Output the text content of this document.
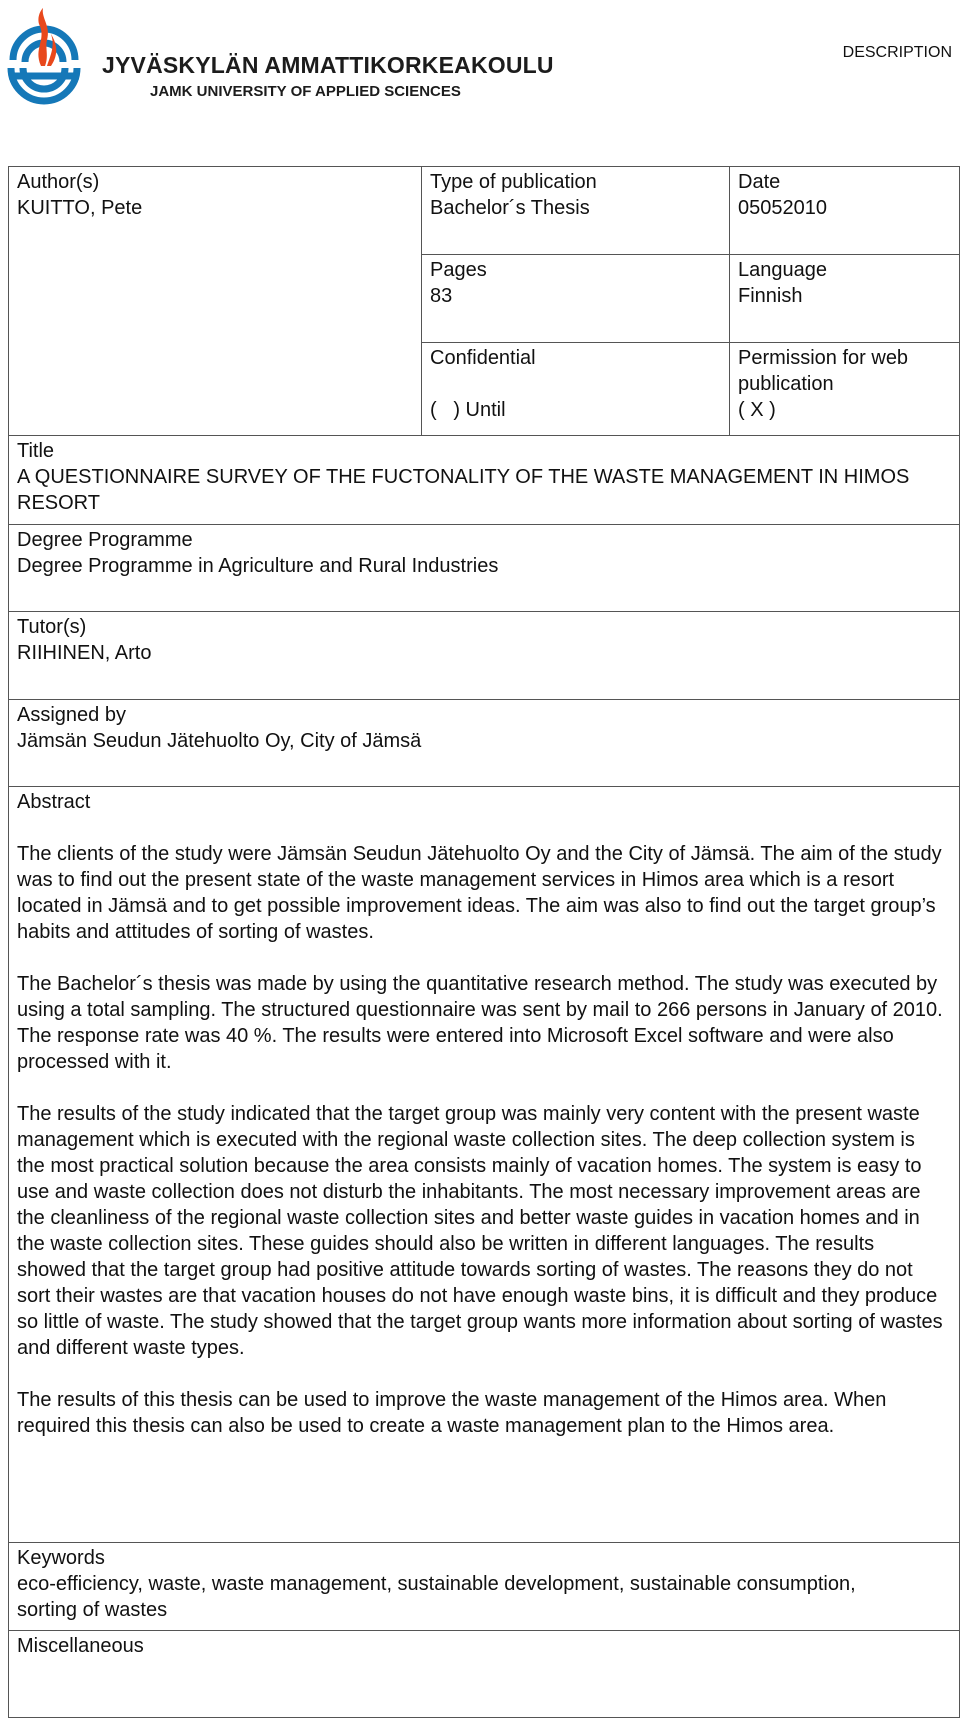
JYVÄSKYLÄN AMMATTIKORKEAKOULU
JAMK UNIVERSITY OF APPLIED SCIENCES
DESCRIPTION
Author(s)
KUITTO, Pete
Type of publication
Bachelor´s Thesis
Date
05052010
Pages
83
Language
Finnish
Confidential
(   ) Until
Permission for web publication
( X )
Title
A QUESTIONNAIRE SURVEY OF THE FUCTONALITY OF THE WASTE MANAGEMENT IN HIMOS RESORT
Degree Programme
Degree Programme in Agriculture and Rural Industries
Tutor(s)
RIIHINEN, Arto
Assigned by
Jämsän Seudun Jätehuolto Oy, City of Jämsä

Abstract

The clients of the study were Jämsän Seudun Jätehuolto Oy and the City of Jämsä. The aim of the study was to find out the present state of the waste management services in Himos area which is a resort located in Jämsä and to get possible improvement ideas. The aim was also to find out the target group’s habits and attitudes of sorting of wastes.

The Bachelor´s thesis was made by using the quantitative research method. The study was executed by using a total sampling. The structured questionnaire was sent by mail to 266 persons in January of 2010. The response rate was 40 %. The results were entered into Microsoft Excel software and were also processed with it.

The results of the study indicated that the target group was mainly very content with the present waste management which is executed with the regional waste collection sites. The deep collection system is the most practical solution because the area consists mainly of vacation homes. The system is easy to use and waste collection does not disturb the inhabitants. The most necessary improvement areas are the cleanliness of the regional waste collection sites and better waste guides in vacation homes and in the waste collection sites. These guides should also be written in different languages. The results showed that the target group had positive attitude towards sorting of wastes. The reasons they do not sort their wastes are that vacation houses do not have enough waste bins, it is difficult and they produce so little of waste. The study showed that the target group wants more information about sorting of wastes and different waste types.

The results of this thesis can be used to improve the waste management of the Himos area. When required this thesis can also be used to create a waste management plan to the Himos area.

Keywords
eco-efficiency, waste, waste management, sustainable development, sustainable consumption, sorting of wastes
Miscellaneous
